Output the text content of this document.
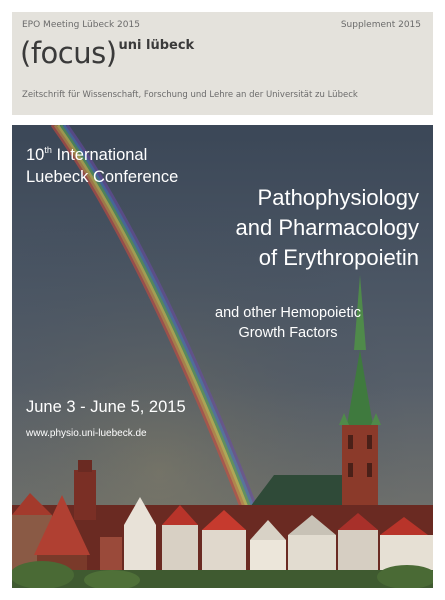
EPO Meeting Lübeck 2015	Supplement 2015
(focus) $^{uni lübeck}$
Zeitschrift für Wissenschaft, Forschung und Lehre an der Universität zu Lübeck
10th International
Luebeck Conference
Pathophysiology
and Pharmacology
of Erythropoietin
and other Hemopoietic
Growth Factors
June 3 - June 5, 2015
www.physio.uni-luebeck.de
